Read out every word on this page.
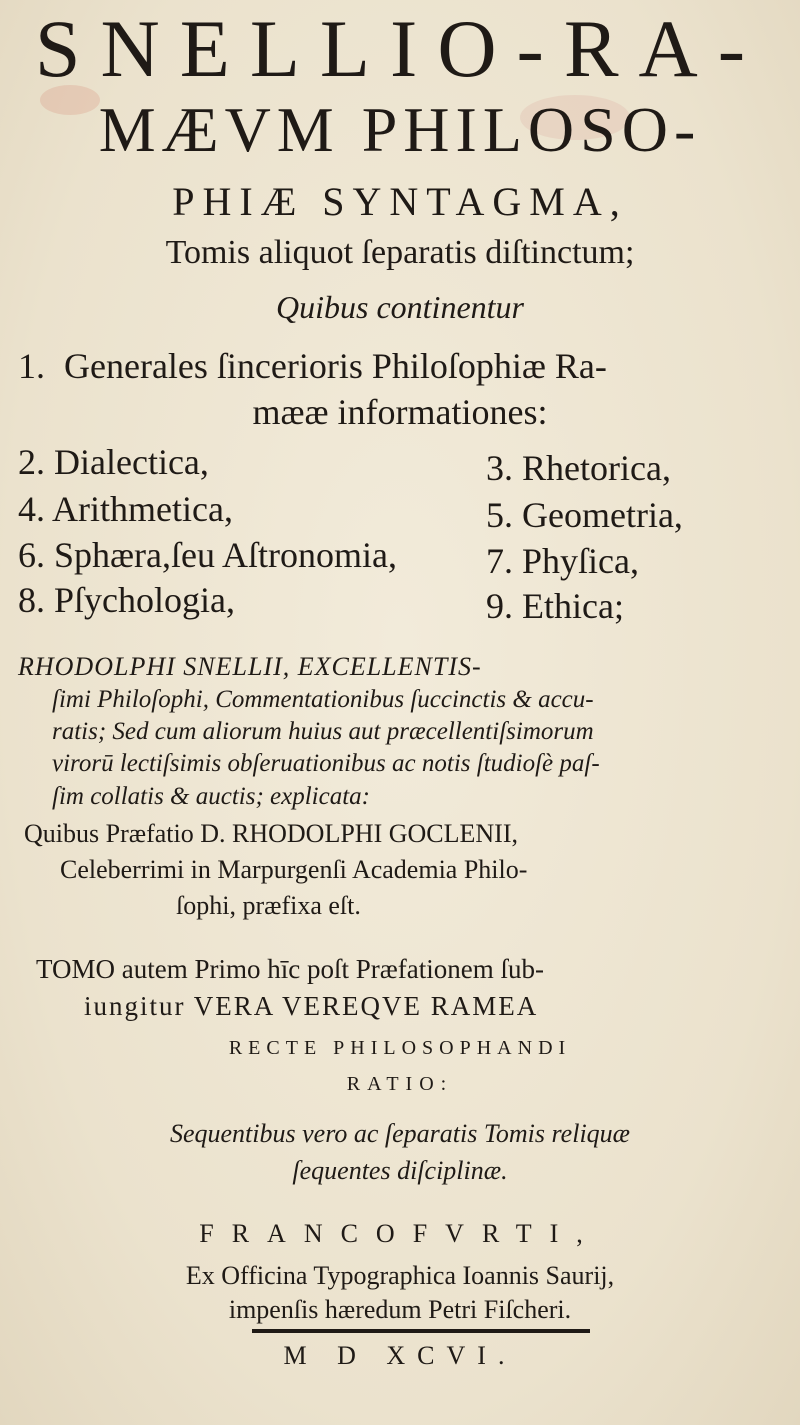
SNELLIO-RA-
MÆVM PHILOSO-
PHIÆ SYNTAGMA,
Tomis aliquot ſeparatis diſtinctum;
Quibus continentur
1. Generales ſincerioris Philoſophiæ Ra-
mææ informationes:
2. Dialectica,	3. Rhetorica,
4. Arithmetica,	5. Geometria,
6. Sphæra,ſeu Aſtronomia, 7. Phyſica,
8. Pſychologia,	9. Ethica;
RHODOLPHI SNELLII, EXCELLENTIS-
ſimi Philoſophi, Commentationibus ſuccinctis & accu-
ratis; Sed cum aliorum huius aut præcellentiſsimorum
virorū lectiſsimis obſeruationibus ac notis ſtudioſè paſ-
ſim collatis & auctis; explicata:
Quibus Præfatio D. RHODOLPHI GOCLENII,
Celeberrimi in Marpurgenſi Academia Philo-
ſophi, præfixa eſt.
TOMO autem Primo hīc poſt Præfationem ſub-
iungitur VERA VEREQVE RAMEA
RECTE PHILOSOPHANDI
RATIO:
Sequentibus vero ac ſeparatis Tomis reliquæ
ſequentes diſciplinæ.
FRANCOFVRTI,
Ex Officina Typographica Ioannis Saurij,
impenſis hæredum Petri Fiſcheri.
M D XCVI.
